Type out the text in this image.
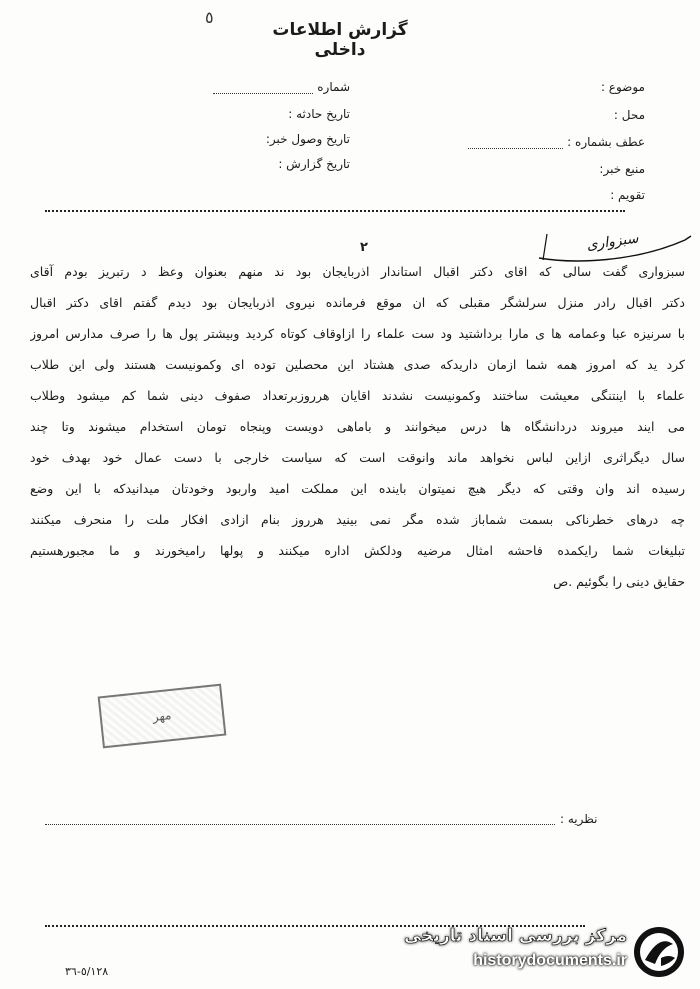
٥
گزارش اطلاعات داخلی
موضوع :
محل :
عطف بشماره :
منبع خبر:
تقویم :
شماره
تاریخ حادثه :
تاریخ وصول خبر:
تاریخ گزارش :
۲	سبزواری
سبزواری گفت سالی که اقای دکتر اقبال استاندار اذربایجان بود ند منهم بعنوان وعظ د رتبریز بودم آقای
دکتر اقبال رادر منزل سرلشگر مقبلی که ان موقع فرمانده نیروی اذربایجان بود دیدم گفتم اقای دکتر اقبال
با سرنیزه عبا وعمامه ها ی مارا برداشتید ود ست علماء را ازاوقاف کوتاه کردید وبیشتر پول ها را صرف مدارس امروز
کرد ید که امروز همه شما ازمان داریدکه صدی هشتاد این محصلین توده ای وکمونیست هستند ولی این طلاب
علماء با اینتنگی معیشت ساختند وکمونیست نشدند اقایان هرروزبرتعداد صفوف دینی شما کم میشود وطلاب
می ایند میروند دردانشگاه ها درس میخوانند و باماهی دویست وپنجاه تومان استخدام میشوند وتا چند
سال دیگراثری ازاین لباس نخواهد ماند وانوقت است که سیاست خارجی با دست عمال خود بهدف خود
رسیده اند وان وقتی که دیگر هیچ نمیتوان باینده این مملکت امید واربود وخودتان میدانیدکه با این وضع
چه درهای خطرناکی بسمت شماباز شده مگر نمی بینید هرروز بنام ازادی افکار ملت را منحرف میکنند
تبلیغات شما رایکمده فاحشه امثال مرضیه ودلکش اداره میکنند و پولها رامیخورند و ما مجبورهستیم
حقایق دینی را بگوئیم .ص
مهر
نظریه :
٥/١٢٨-٣٦
مرکز بررسی اسناد تاریخی
historydocuments.ir
